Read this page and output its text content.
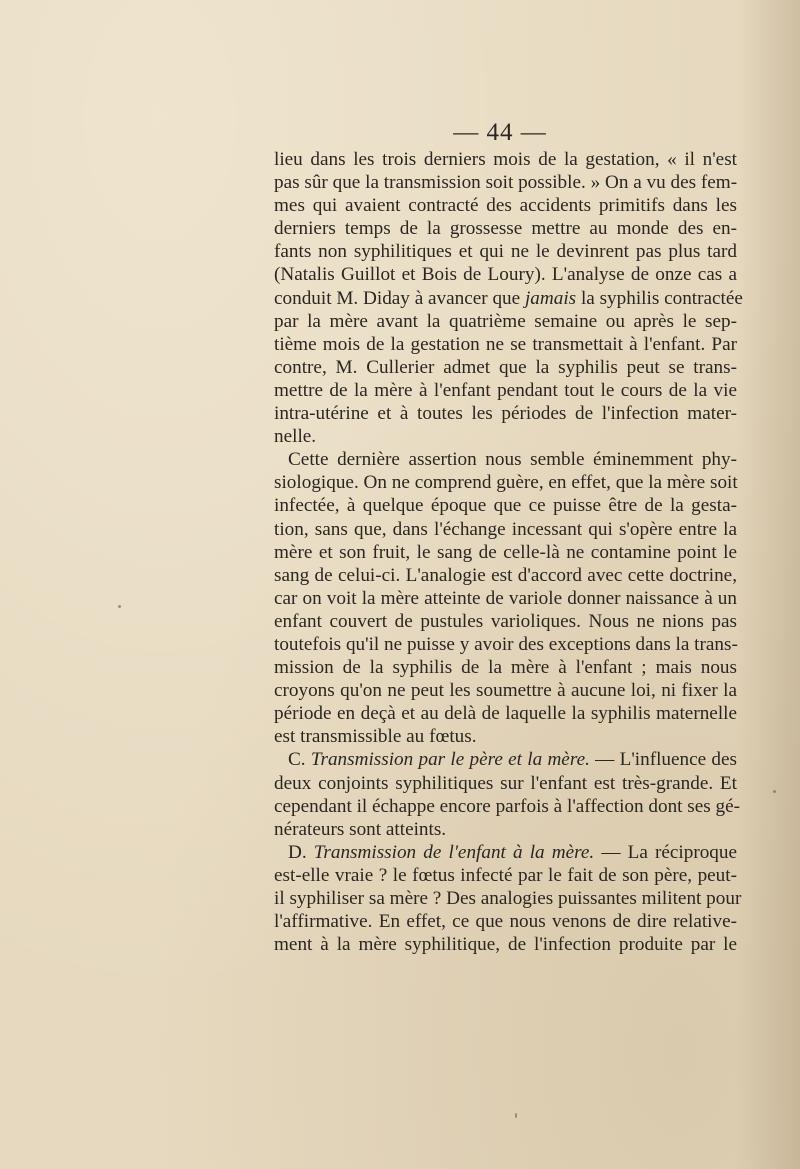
— 44 —

lieu dans les trois derniers mois de la gestation, « il n'est
pas sûr que la transmission soit possible. » On a vu des fem-
mes qui avaient contracté des accidents primitifs dans les
derniers temps de la grossesse mettre au monde des en-
fants non syphilitiques et qui ne le devinrent pas plus tard
(Natalis Guillot et Bois de Loury). L'analyse de onze cas a
conduit M. Diday à avancer que jamais la syphilis contractée
par la mère avant la quatrième semaine ou après le sep-
tième mois de la gestation ne se transmettait à l'enfant. Par
contre, M. Cullerier admet que la syphilis peut se trans-
mettre de la mère à l'enfant pendant tout le cours de la vie
intra-utérine et à toutes les périodes de l'infection mater-
nelle.

Cette dernière assertion nous semble éminemment phy-
siologique. On ne comprend guère, en effet, que la mère soit
infectée, à quelque époque que ce puisse être de la gesta-
tion, sans que, dans l'échange incessant qui s'opère entre la
mère et son fruit, le sang de celle-là ne contamine point le
sang de celui-ci. L'analogie est d'accord avec cette doctrine,
car on voit la mère atteinte de variole donner naissance à un
enfant couvert de pustules varioliques. Nous ne nions pas
toutefois qu'il ne puisse y avoir des exceptions dans la trans-
mission de la syphilis de la mère à l'enfant ; mais nous
croyons qu'on ne peut les soumettre à aucune loi, ni fixer la
période en deçà et au delà de laquelle la syphilis maternelle
est transmissible au fœtus.

C. Transmission par le père et la mère. — L'influence des
deux conjoints syphilitiques sur l'enfant est très-grande. Et
cependant il échappe encore parfois à l'affection dont ses gé-
nérateurs sont atteints.

D. Transmission de l'enfant à la mère. — La réciproque
est-elle vraie ? le fœtus infecté par le fait de son père, peut-
il syphiliser sa mère ? Des analogies puissantes militent pour
l'affirmative. En effet, ce que nous venons de dire relative-
ment à la mère syphilitique, de l'infection produite par le
